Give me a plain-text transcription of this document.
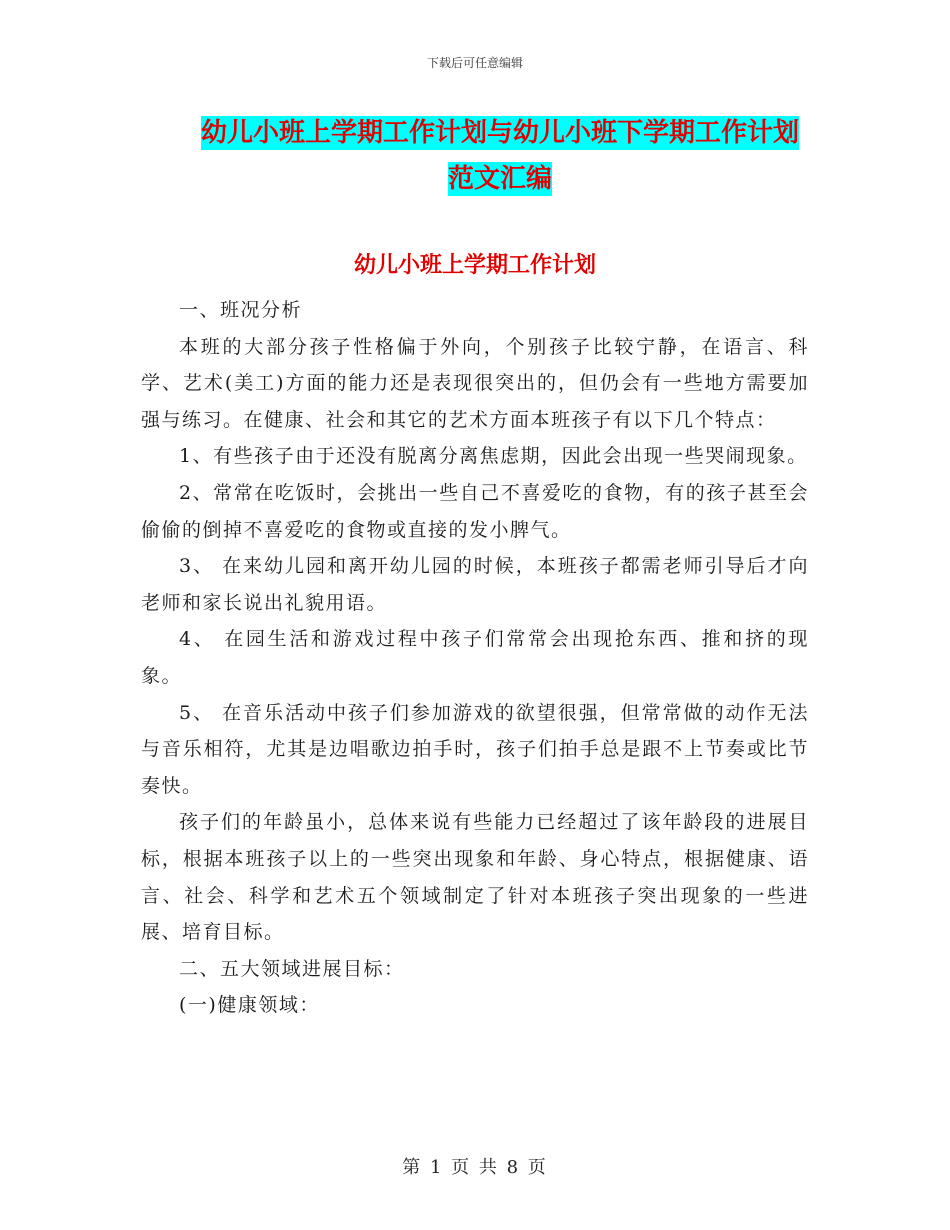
下载后可任意编辑
幼儿小班上学期工作计划与幼儿小班下学期工作计划
范文汇编
幼儿小班上学期工作计划

一、班况分析

本班的大部分孩子性格偏于外向，个别孩子比较宁静，在语言、科学、艺术(美工)方面的能力还是表现很突出的，但仍会有一些地方需要加强与练习。在健康、社会和其它的艺术方面本班孩子有以下几个特点：

1、有些孩子由于还没有脱离分离焦虑期，因此会出现一些哭闹现象。

2、常常在吃饭时，会挑出一些自己不喜爱吃的食物，有的孩子甚至会偷偷的倒掉不喜爱吃的食物或直接的发小脾气。

3、 在来幼儿园和离开幼儿园的时候，本班孩子都需老师引导后才向老师和家长说出礼貌用语。

4、 在园生活和游戏过程中孩子们常常会出现抢东西、推和挤的现象。

5、 在音乐活动中孩子们参加游戏的欲望很强，但常常做的动作无法与音乐相符，尤其是边唱歌边拍手时，孩子们拍手总是跟不上节奏或比节奏快。

孩子们的年龄虽小，总体来说有些能力已经超过了该年龄段的进展目标，根据本班孩子以上的一些突出现象和年龄、身心特点，根据健康、语言、社会、科学和艺术五个领域制定了针对本班孩子突出现象的一些进展、培育目标。

二、五大领域进展目标：

(一)健康领域：

第 1 页 共 8 页
